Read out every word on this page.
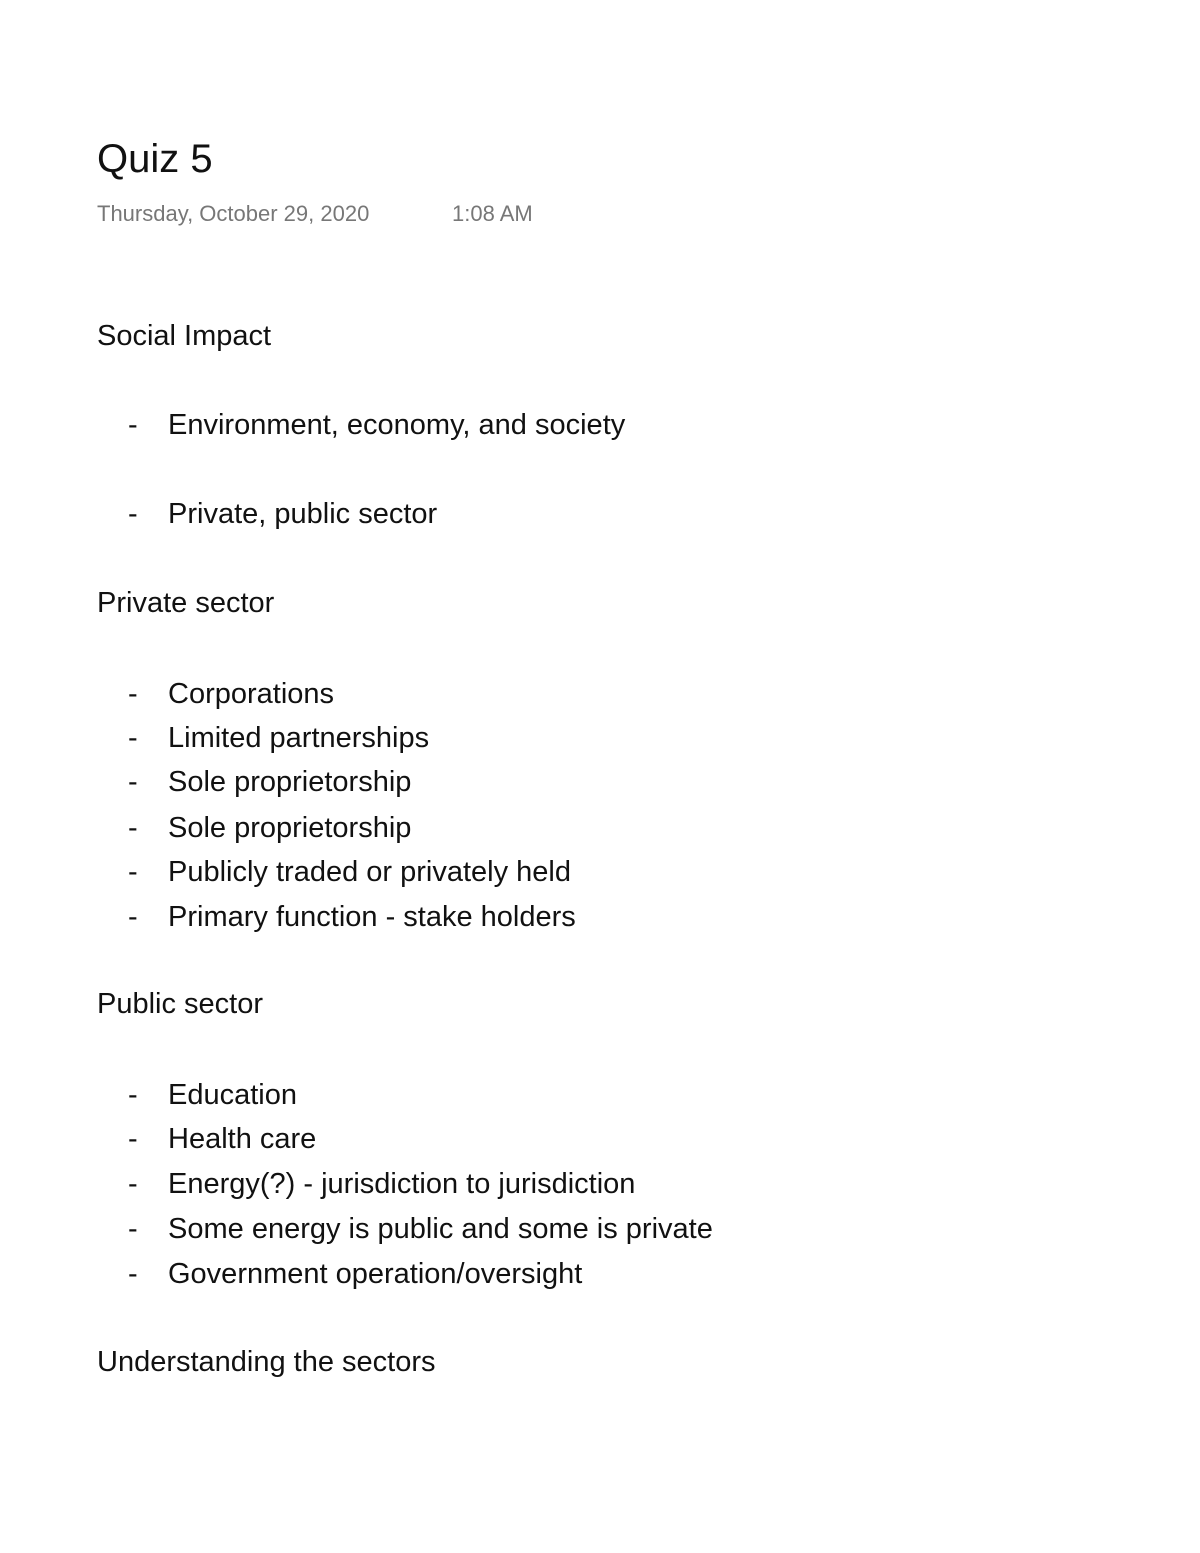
Quiz 5
Thursday, October 29, 2020	1:08 AM
Social Impact
- Environment, economy, and society
- Private, public sector
Private sector
- Corporations
- Limited partnerships
- Sole proprietorship
- Sole proprietorship
- Publicly traded or privately held
- Primary function - stake holders
Public sector
- Education
- Health care
- Energy(?) - jurisdiction to jurisdiction
- Some energy is public and some is private
- Government operation/oversight
Understanding the sectors
